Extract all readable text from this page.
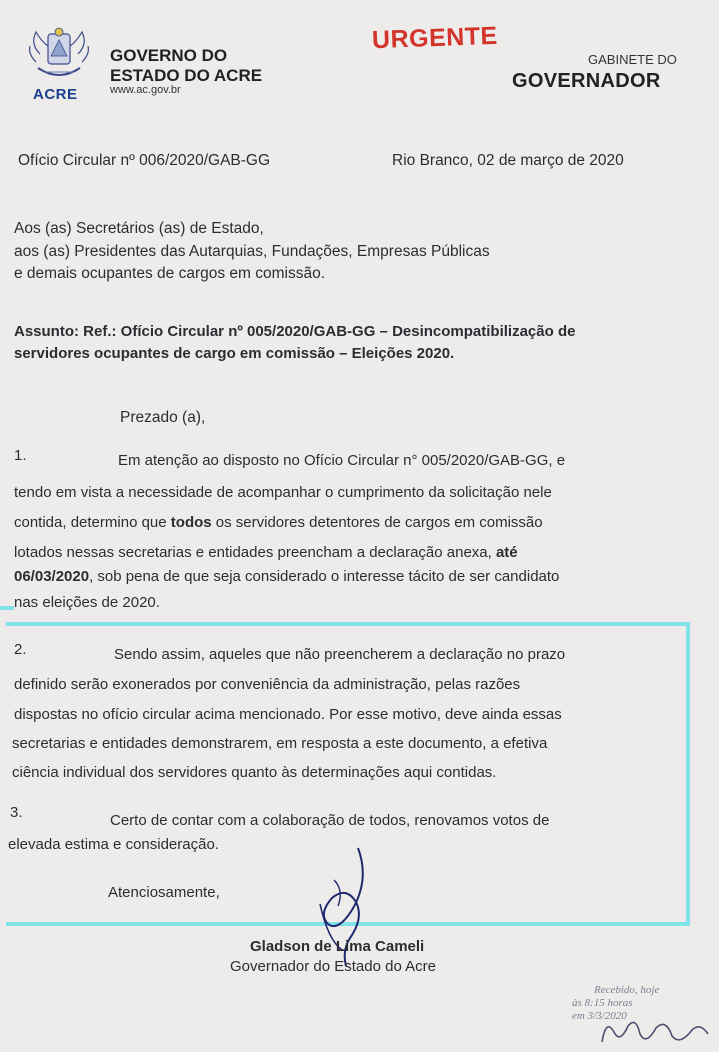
ACRE
GOVERNO DO
ESTADO DO ACRE
www.ac.gov.br
URGENTE
GABINETE DO
GOVERNADOR
Ofício Circular nº 006/2020/GAB-GG	Rio Branco, 02 de março de 2020
Aos (as) Secretários (as) de Estado,
aos (as) Presidentes das Autarquias, Fundações, Empresas Públicas
e demais ocupantes de cargos em comissão.
Assunto: Ref.: Ofício Circular nº 005/2020/GAB-GG – Desincompatibilização de
servidores ocupantes de cargo em comissão – Eleições 2020.
Prezado (a),
1.	Em atenção ao disposto no Ofício Circular n° 005/2020/GAB-GG, e
tendo em vista a necessidade de acompanhar o cumprimento da solicitação nele
contida, determino que todos os servidores detentores de cargos em comissão
lotados nessas secretarias e entidades preencham a declaração anexa, até
06/03/2020, sob pena de que seja considerado o interesse tácito de ser candidato
nas eleições de 2020.
2.	Sendo assim, aqueles que não preencherem a declaração no prazo
definido serão exonerados por conveniência da administração, pelas razões
dispostas no ofício circular acima mencionado. Por esse motivo, deve ainda essas
secretarias e entidades demonstrarem, em resposta a este documento, a efetiva
ciência individual dos servidores quanto às determinações aqui contidas.
3.	Certo de contar com a colaboração de todos, renovamos votos de
elevada estima e consideração.
Atenciosamente,
Gladson de Lima Cameli
Governador do Estado do Acre
Recebido, hoje
às 8:15 horas
em 3/3/2020
